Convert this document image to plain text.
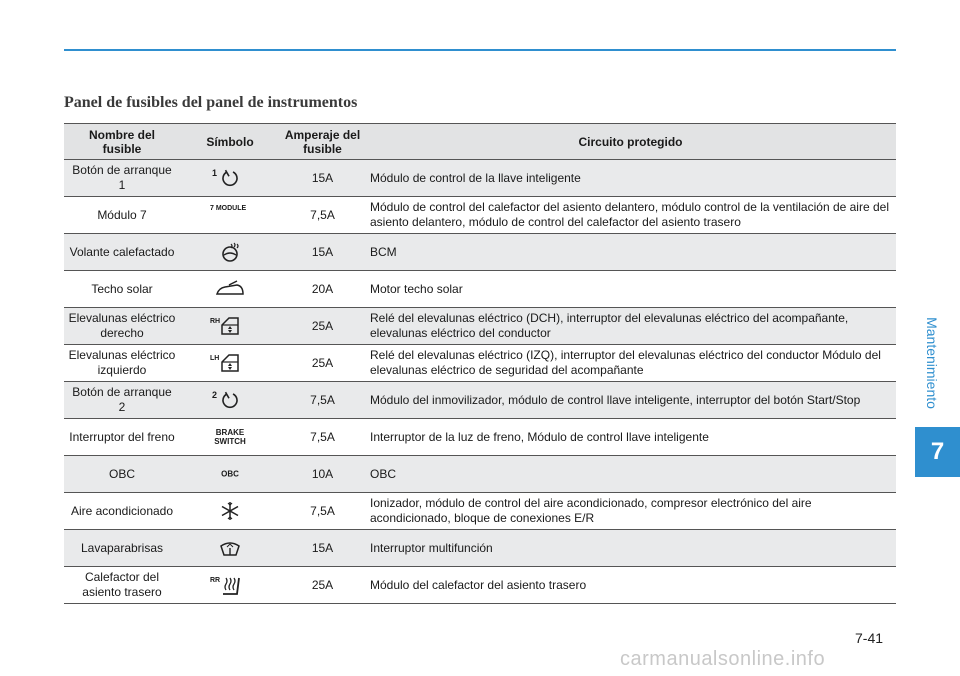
Panel de fusibles del panel de instrumentos
Nombre del fusible	Símbolo	Amperaje del fusible	Circuito protegido
Botón de arranque 1	1	15A	Módulo de control de la llave inteligente
Módulo 7	7 MODULE	7,5A	Módulo de control del calefactor del asiento delantero, módulo control de la ventilación de aire del asiento delantero, módulo de control del calefactor del asiento trasero
Volante calefactado		15A	BCM
Techo solar		20A	Motor techo solar
Elevalunas eléctrico derecho	RH	25A	Relé del elevalunas eléctrico (DCH), interruptor del elevalunas eléctrico del acompañante, elevalunas eléctrico del conductor
Elevalunas eléctrico izquierdo	LH	25A	Relé del elevalunas eléctrico (IZQ), interruptor del elevalunas eléctrico del conductor Módulo del elevalunas eléctrico de seguridad del acompañante
Botón de arranque 2	2	7,5A	Módulo del inmovilizador, módulo de control llave inteligente, interruptor del botón Start/Stop
Interruptor del freno	BRAKE SWITCH	7,5A	Interruptor de la luz de freno, Módulo de control llave inteligente
OBC	OBC	10A	OBC
Aire acondicionado		7,5A	Ionizador, módulo de control del aire acondicionado, compresor electrónico del aire acondicionado, bloque de conexiones E/R
Lavaparabrisas		15A	Interruptor multifunción
Calefactor del asiento trasero	RR	25A	Módulo del calefactor del asiento trasero
Mantenimiento
7
7-41
carmanualsonline.info
